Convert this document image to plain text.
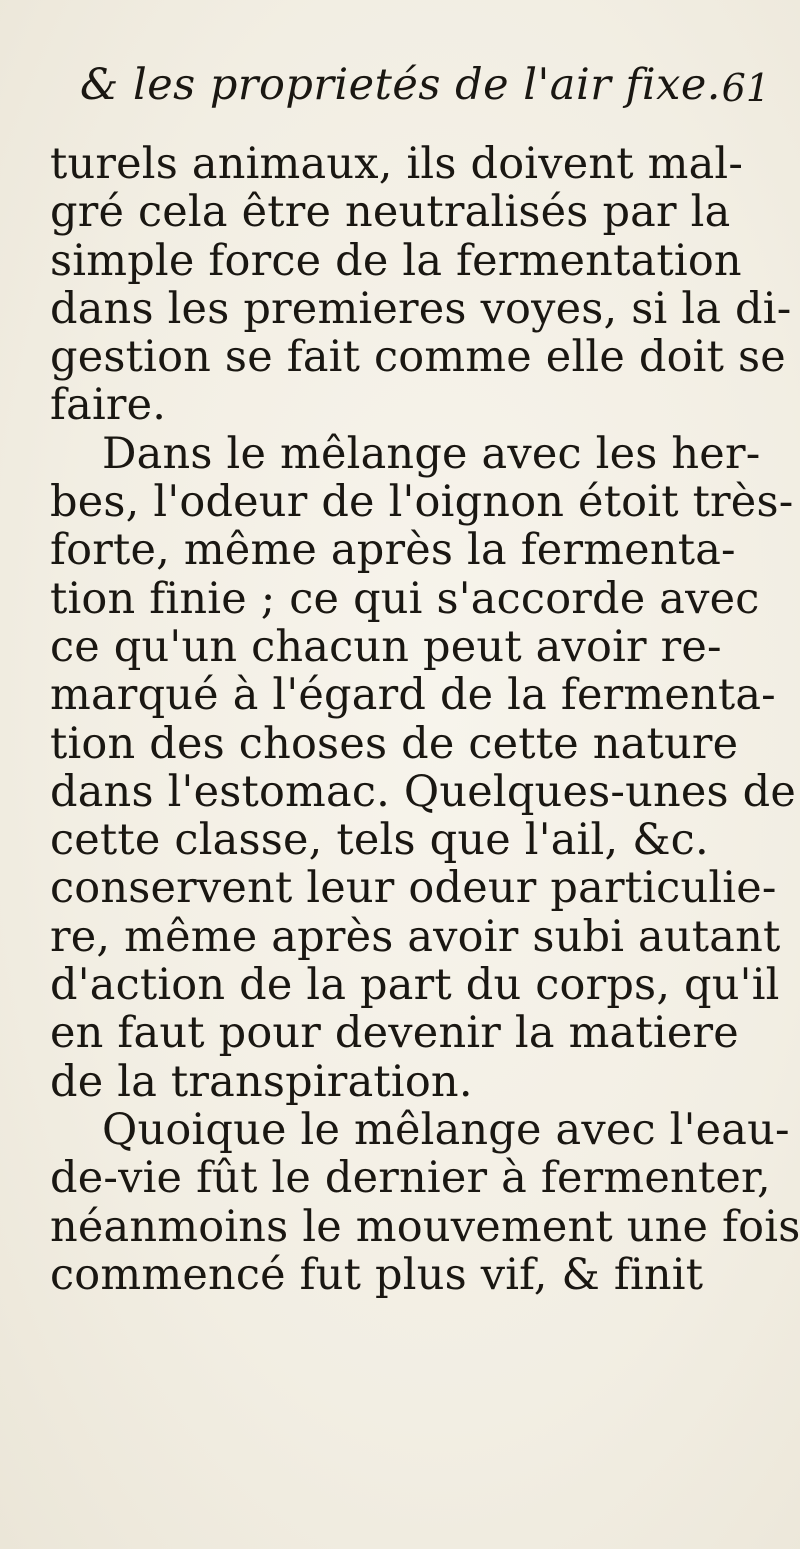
& les proprietés de l'air fixe. 61
turels animaux, ils doivent mal-
gré cela être neutralisés par la
simple force de la fermentation
dans les premieres voyes, si la di-
gestion se fait comme elle doit se
faire.
Dans le mêlange avec les her-
bes, l'odeur de l'oignon étoit très-
forte, même après la fermenta-
tion finie ; ce qui s'accorde avec
ce qu'un chacun peut avoir re-
marqué à l'égard de la fermenta-
tion des choses de cette nature
dans l'estomac. Quelques-unes de
cette classe, tels que l'ail, &c.
conservent leur odeur particulie-
re, même après avoir subi autant
d'action de la part du corps, qu'il
en faut pour devenir la matiere
de la transpiration.
Quoique le mêlange avec l'eau-
de-vie fût le dernier à fermenter,
néanmoins le mouvement une fois
commencé fut plus vif, & finit
